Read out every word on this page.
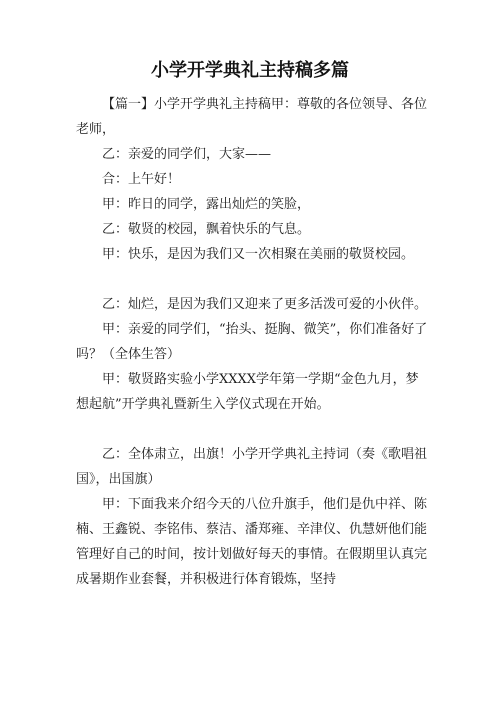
小学开学典礼主持稿多篇

【篇一】小学开学典礼主持稿甲：尊敬的各位领导、各位老师，

乙：亲爱的同学们，大家——

合：上午好！

甲：昨日的同学，露出灿烂的笑脸，

乙：敬贤的校园，飘着快乐的气息。

甲：快乐，是因为我们又一次相聚在美丽的敬贤校园。

乙：灿烂，是因为我们又迎来了更多活泼可爱的小伙伴。

甲：亲爱的同学们，“抬头、挺胸、微笑”，你们准备好了吗？（全体生答）

甲：敬贤路实验小学XXXX学年第一学期“金色九月，梦想起航”开学典礼暨新生入学仪式现在开始。

乙：全体肃立，出旗！小学开学典礼主持词（奏《歌唱祖国》，出国旗）

甲：下面我来介绍今天的八位升旗手，他们是仇中祥、陈楠、王鑫锐、李铭伟、蔡洁、潘郑雍、辛津仪、仇慧妍他们能管理好自己的时间，按计划做好每天的事情。在假期里认真完成暑期作业套餐，并积极进行体育锻炼，坚持
